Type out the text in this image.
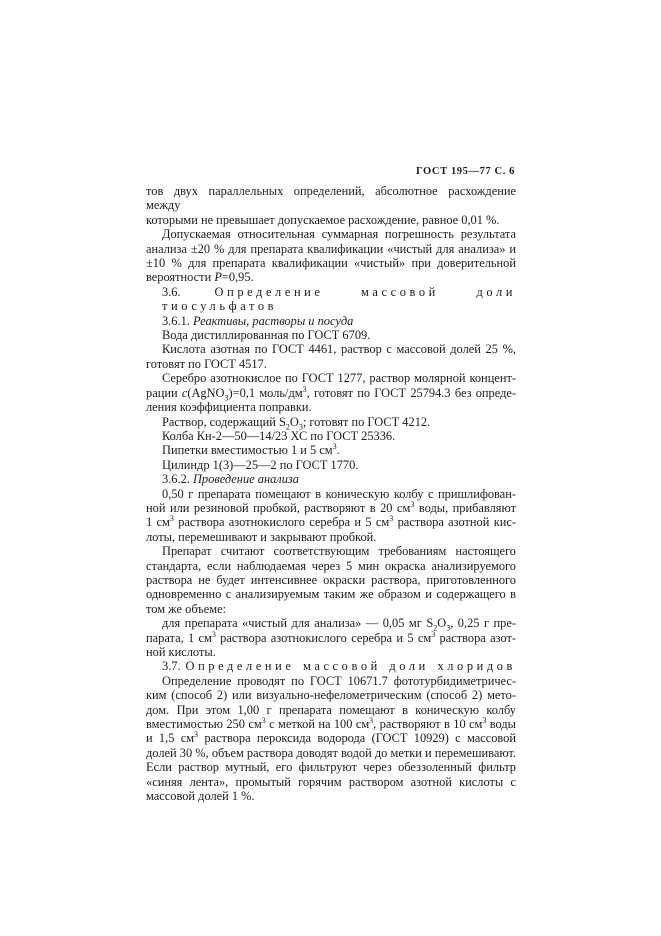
ГОСТ 195—77 С. 6
тов двух параллельных определений, абсолютное расхождение между
которыми не превышает допускаемое расхождение, равное 0,01 %.
Допускаемая относительная суммарная погрешность результата
анализа ±20 % для препарата квалификации «чистый для анализа» и
±10 % для препарата квалификации «чистый» при доверительной
вероятности P=0,95.
3.6. Определение массовой доли тиосульфатов
3.6.1. Реактивы, растворы и посуда
Вода дистиллированная по ГОСТ 6709.
Кислота азотная по ГОСТ 4461, раствор с массовой долей 25 %,
готовят по ГОСТ 4517.
Серебро азотнокислое по ГОСТ 1277, раствор молярной концент-
рации c(AgNO$_3$)=0,1 моль/$дм^3$, готовят по ГОСТ 25794.3 без опреде-
ления коэффициента поправки.
Раствор, содержащий $S_2O_3$; готовят по ГОСТ 4212.
Колба Кн-2—50—14/23 ХС по ГОСТ 25336.
Пипетки вместимостью 1 и 5 $см^3$.
Цилиндр 1(3)—25—2 по ГОСТ 1770.
3.6.2. Проведение анализа
0,50 г препарата помещают в коническую колбу с пришлифован-
ной или резиновой пробкой, растворяют в 20 $см^3$ воды, прибавляют
1 $см^3$ раствора азотнокислого серебра и 5 $см^3$ раствора азотной кис-
лоты, перемешивают и закрывают пробкой.
Препарат считают соответствующим требованиям настоящего
стандарта, если наблюдаемая через 5 мин окраска анализируемого
раствора не будет интенсивнее окраски раствора, приготовленного
одновременно с анализируемым таким же образом и содержащего в
том же объеме:
для препарата «чистый для анализа» — 0,05 мг $S_2O_3$, 0,25 г пре-
парата, 1 $см^3$ раствора азотнокислого серебра и 5 $см^3$ раствора азот-
ной кислоты.
3.7. Определение массовой доли хлоридов
Определение проводят по ГОСТ 10671.7 фототурбидиметричес-
ким (способ 2) или визуально-нефелометрическим (способ 2) мето-
дом. При этом 1,00 г препарата помещают в коническую колбу
вместимостью 250 $см^3$ с меткой на 100 $см^3$, растворяют в 10 $см^3$ воды
и 1,5 $см^3$ раствора пероксида водорода (ГОСТ 10929) с массовой
долей 30 %, объем раствора доводят водой до метки и перемешивают.
Если раствор мутный, его фильтруют через обеззоленный фильтр
«синяя лента», промытый горячим раствором азотной кислоты с
массовой долей 1 %.
